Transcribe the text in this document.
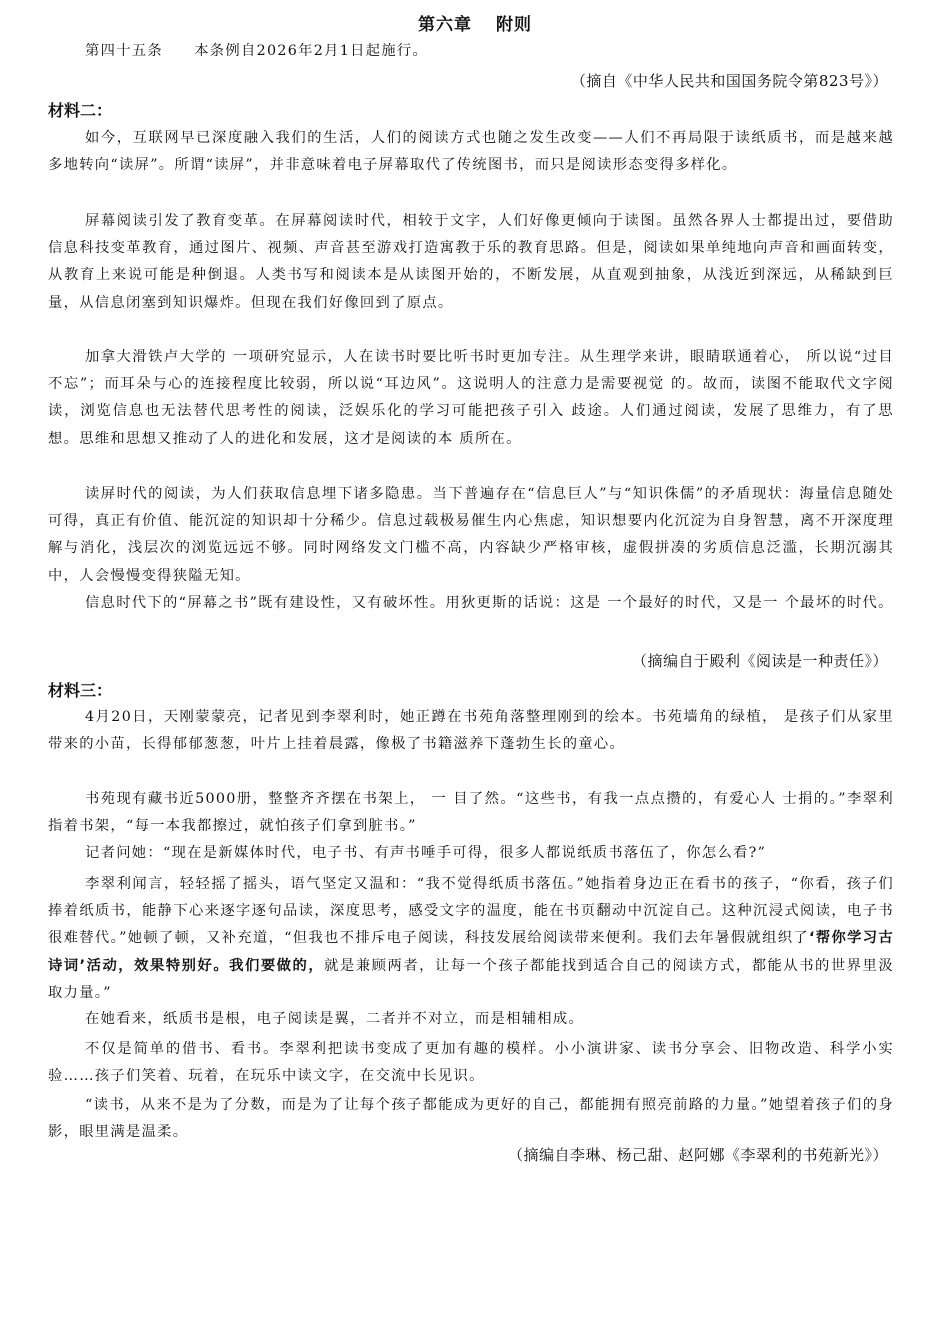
第六章 附则

第四十五条　　 本条例自2026年2月1日起施行。

（摘自《中华人民共和国国务院令第823号》）
材料二：

如今，互联网早已深度融入我们的生活，人们的阅读方式也随之发生改变——人们不再局限于读纸质书，而是越来越多地转向“读屏”。所谓“读屏”，并非意味着电子屏幕取代了传统图书，而只是阅读形态变得多样化。

屏幕阅读引发了教育变革。在屏幕阅读时代，相较于文字，人们好像更倾向于读图。虽然各界人士都提出过，要借助信息科技变革教育，通过图片、视频、声音甚至游戏打造寓教于乐的教育思路。但是，阅读如果单纯地向声音和画面转变，从教育上来说可能是种倒退。人类书写和阅读本是从读图开始的，不断发展，从直观到抽象，从浅近到深远，从稀缺到巨量，从信息闭塞到知识爆炸。但现在我们好像回到了原点。

加拿大滑铁卢大学的 一项研究显示，人在读书时要比听书时更加专注。从生理学来讲，眼睛联通着心， 所以说“过目不忘”；而耳朵与心的连接程度比较弱，所以说“耳边风”。这说明人的注意力是需要视觉 的。故而，读图不能取代文字阅读，浏览信息也无法替代思考性的阅读，泛娱乐化的学习可能把孩子引入 歧途。人们通过阅读，发展了思维力，有了思想。思维和思想又推动了人的进化和发展，这才是阅读的本 质所在。

读屏时代的阅读，为人们获取信息埋下诸多隐患。当下普遍存在“信息巨人”与“知识侏儒”的矛盾现状：海量信息随处可得，真正有价值、能沉淀的知识却十分稀少。信息过载极易催生内心焦虑，知识想要内化沉淀为自身智慧，离不开深度理解与消化，浅层次的浏览远远不够。同时网络发文门槛不高，内容缺少严格审核，虚假拼凑的劣质信息泛滥，长期沉溺其中，人会慢慢变得狭隘无知。

信息时代下的“屏幕之书”既有建设性，又有破坏性。用狄更斯的话说：这是 一个最好的时代，又是一 个最坏的时代。

（摘编自于殿利《阅读是一种责任》）
材料三：

4月20日，天刚蒙蒙亮，记者见到李翠利时，她正蹲在书苑角落整理刚到的绘本。书苑墙角的绿植， 是孩子们从家里带来的小苗，长得郁郁葱葱，叶片上挂着晨露，像极了书籍滋养下蓬勃生长的童心。

书苑现有藏书近5000册，整整齐齐摆在书架上， 一 目了然。“这些书，有我一点点攒的，有爱心人 士捐的。”李翠利指着书架，“每一本我都擦过，就怕孩子们拿到脏书。”

记者问她：“现在是新媒体时代，电子书、有声书唾手可得，很多人都说纸质书落伍了，你怎么看?”

李翠利闻言，轻轻摇了摇头，语气坚定又温和：“我不觉得纸质书落伍。”她指着身边正在看书的孩子，“你看，孩子们捧着纸质书，能静下心来逐字逐句品读，深度思考，感受文字的温度，能在书页翻动中沉淀自己。这种沉浸式阅读，电子书很难替代。”她顿了顿，又补充道，“但我也不排斥电子阅读，科技发展给阅读带来便利。我们去年暑假就组织了‘帮你学习古诗词’活动，效果特别好。我们要做的，就是兼顾两者，让每一个孩子都能找到适合自己的阅读方式，都能从书的世界里汲取力量。”

在她看来，纸质书是根，电子阅读是翼，二者并不对立，而是相辅相成。

不仅是简单的借书、看书。李翠利把读书变成了更加有趣的模样。小小演讲家、读书分享会、旧物改造、科学小实验……孩子们笑着、玩着，在玩乐中读文字，在交流中长见识。

“读书，从来不是为了分数，而是为了让每个孩子都能成为更好的自己，都能拥有照亮前路的力量。”她望着孩子们的身影，眼里满是温柔。

（摘编自李琳、杨己甜、赵阿娜《李翠利的书苑新光》）
